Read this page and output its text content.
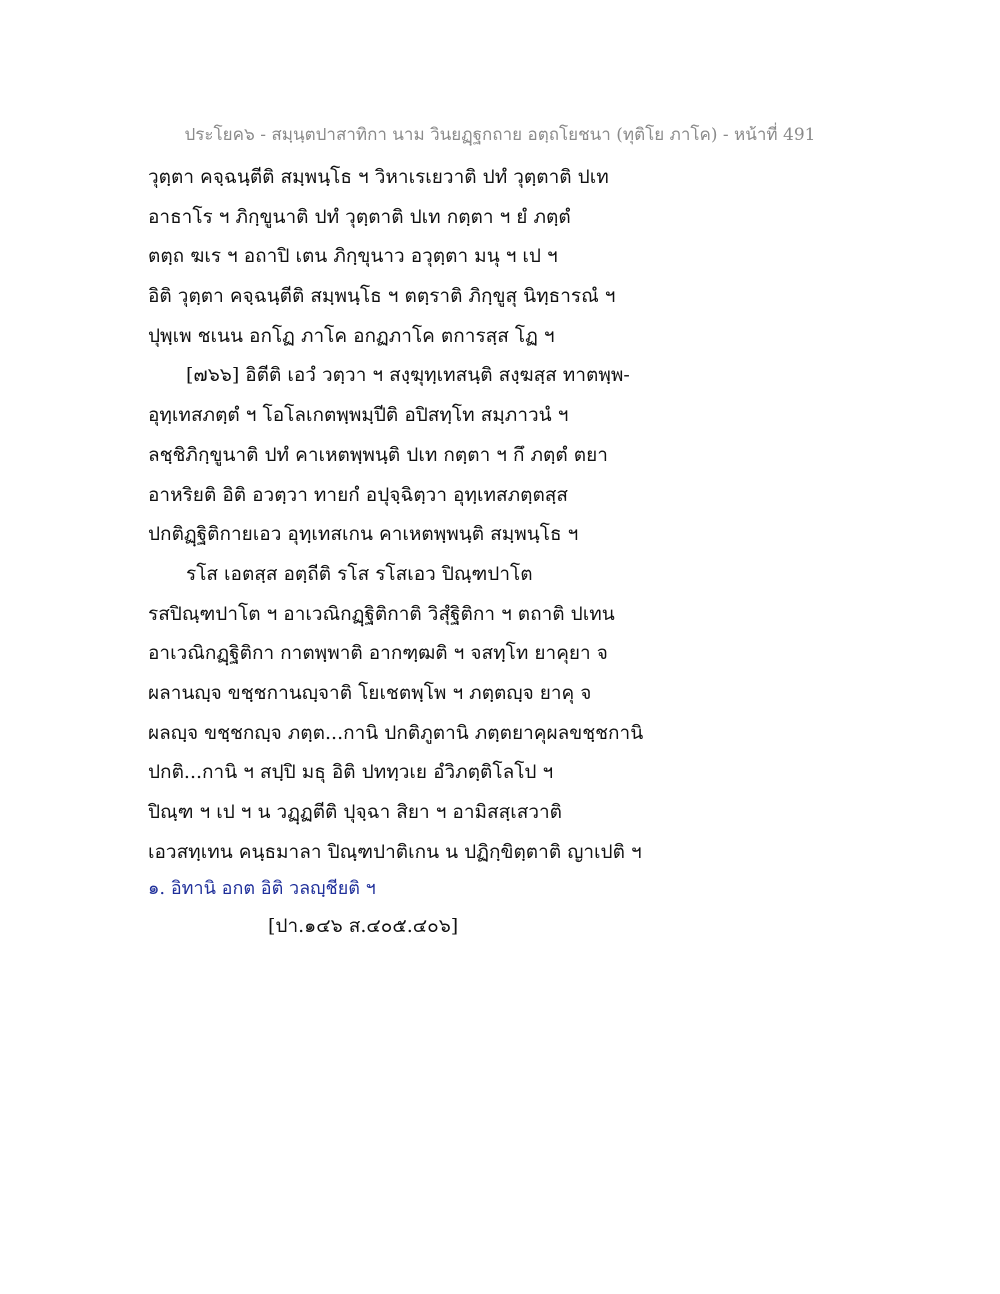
ประโยค๖ - สมฺนฺตปาสาทิกา นาม วินยฏฺฐกถาย อตฺถโยชนา (ทุติโย ภาโค) - หน้าที่ 491
วุตฺตา คจฺฉนฺตีติ สมฺพนฺโธ ฯ วิหาเรเยวาติ ปทํ วุตฺตาติ ปเท
อาธาโร ฯ ภิกฺขูนาติ ปทํ วุตฺตาติ ปเท กตฺตา ฯ ยํ ภตฺตํ
ตตฺถ ฆเร ฯ อถาปิ เตน ภิกฺขุนาว อวุตฺตา มนุ ฯ เป ฯ
อิติ วุตฺตา คจฺฉนฺตีติ สมฺพนฺโธ ฯ ตตฺราติ ภิกฺขูสุ นิทฺธารณํ ฯ
ปุพฺเพ ชเนน อกโฏ ภาโค อกฏภาโค ตการสฺส โฏ ฯ
[๗๖๖] อิตีติ เอวํ วตฺวา ฯ สงฺฆุทฺเทสนฺติ สงฺฆสฺส ทาตพฺพ-
อุทฺเทสภตฺตํ ฯ โอโลเกตพฺพมฺปีติ อปิสทฺโท สมฺภาวนํ ฯ
ลชฺชิภิกฺขูนาติ ปทํ คาเหตพฺพนฺติ ปเท กตฺตา ฯ กึ ภตฺตํ ตยา
อาหริยติ อิติ อวตฺวา ทายกํ อปุจฺฉิตฺวา อุทฺเทสภตฺตสฺส
ปกติฏฺฐิติกายเอว อุทฺเทสเกน คาเหตพฺพนฺติ สมฺพนฺโธ ฯ
รโส เอตสฺส อตฺถีติ รโส รโสเอว ปิณฺฑปาโต
รสปิณฺฑปาโต ฯ อาเวณิกฏฺฐิติกาติ วิสุํฐิติกา ฯ ตถาติ ปเทน
อาเวณิกฏฺฐิติกา กาตพฺพาติ อากฑฺฒติ ฯ จสทฺโท ยาคุยา จ
ผลานญฺจ ขชฺชกานญฺจาติ โยเชตพฺโพ ฯ ภตฺตญฺจ ยาคุ จ
ผลญฺจ ขชฺชกญฺจ ภตฺต...กานิ ปกติภูตานิ ภตฺตยาคุผลขชฺชกานิ
ปกติ...กานิ ฯ สปฺปิ มธุ อิติ ปททฺวเย อํวิภตฺติโลโป ฯ
ปิณฺฑ ฯ เป ฯ น วฏฺฏตีติ ปุจฺฉา สิยา ฯ อามิสสฺเสวาติ
เอวสทฺเทน คนฺธมาลา ปิณฺฑปาติเกน น ปฏิกฺขิตฺตาติ ญาเปติ ฯ
๑. อิทานิ อกต อิติ วลญฺชียติ ฯ
[ปา.๑๔๖ ส.๔๐๕.๔๐๖]
